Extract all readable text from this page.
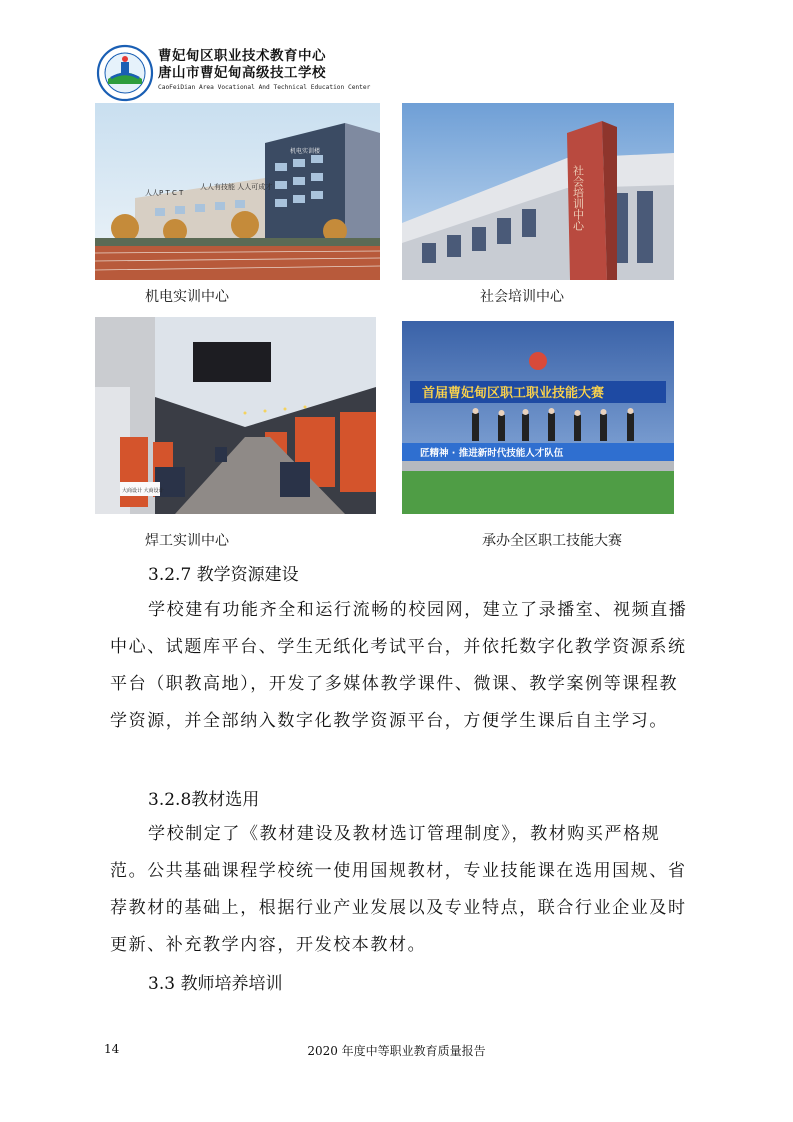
曹妃甸区职业技术教育中心
唐山市曹妃甸高级技工学校
CaoFeiDian Area Vocational And Technical Education Center
人人P T C T
人人有技能 人人可成才
机电实训楼
机电实训中心
社会培训中心
社会培训中心
大商设计 大商设计
焊工实训中心
首届曹妃甸区职工职业技能大赛
匠精神 · 推进新时代技能人才队伍
承办全区职工技能大赛
3.2.7 教学资源建设
学校建有功能齐全和运行流畅的校园网，建立了录播室、视频直播中心、试题库平台、学生无纸化考试平台，并依托数字化教学资源系统平台（职教高地），开发了多媒体教学课件、微课、教学案例等课程教学资源，并全部纳入数字化教学资源平台，方便学生课后自主学习。
3.2.8教材选用
学校制定了《教材建设及教材选订管理制度》，教材购买严格规范。公共基础课程学校统一使用国规教材，专业技能课在选用国规、省荐教材的基础上，根据行业产业发展以及专业特点，联合行业企业及时更新、补充教学内容，开发校本教材。
3.3 教师培养培训
14	2020 年度中等职业教育质量报告
